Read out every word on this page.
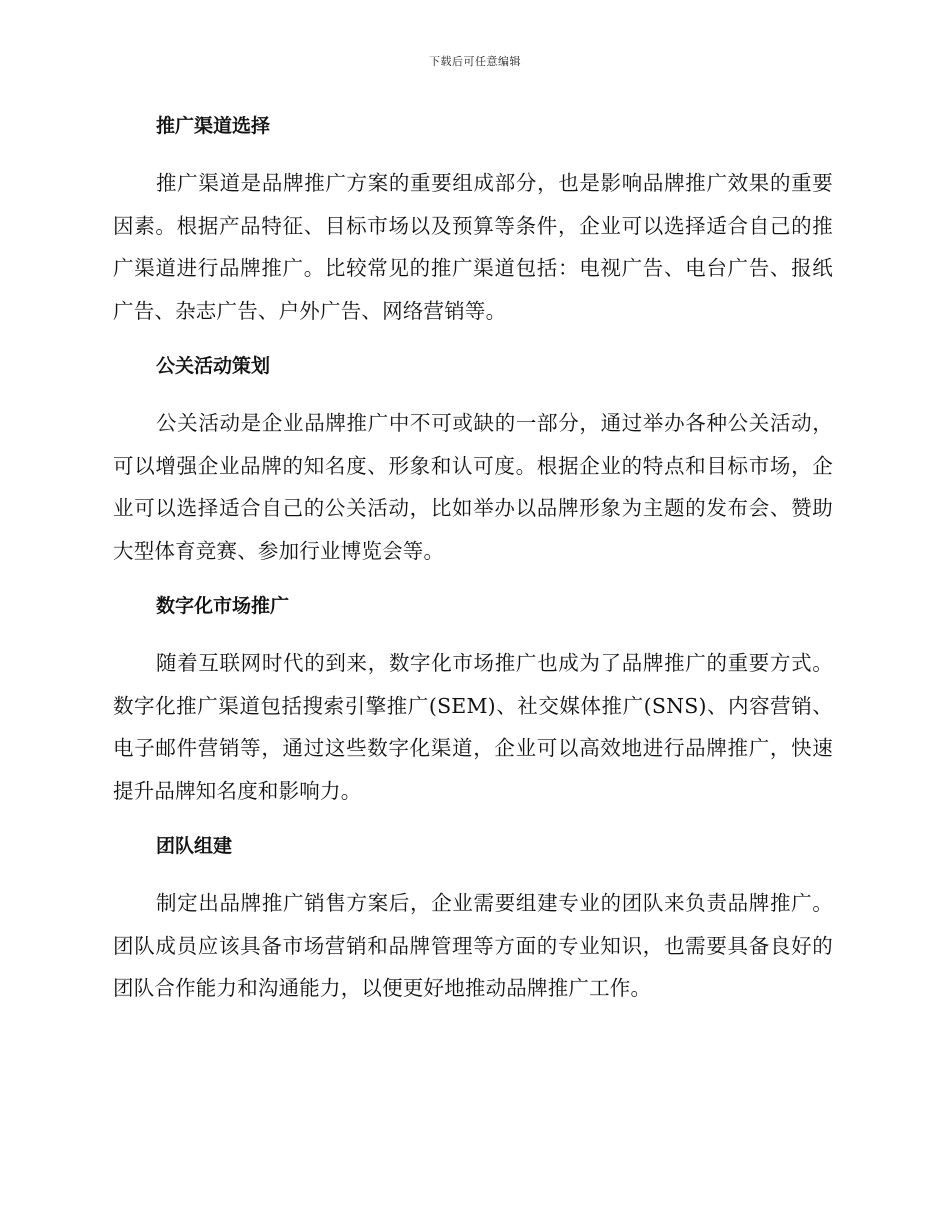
下载后可任意编辑
推广渠道选择

推广渠道是品牌推广方案的重要组成部分，也是影响品牌推广效果的重要因素。根据产品特征、目标市场以及预算等条件，企业可以选择适合自己的推广渠道进行品牌推广。比较常见的推广渠道包括：电视广告、电台广告、报纸广告、杂志广告、户外广告、网络营销等。

公关活动策划

公关活动是企业品牌推广中不可或缺的一部分，通过举办各种公关活动，可以增强企业品牌的知名度、形象和认可度。根据企业的特点和目标市场，企业可以选择适合自己的公关活动，比如举办以品牌形象为主题的发布会、赞助大型体育竞赛、参加行业博览会等。

数字化市场推广

随着互联网时代的到来，数字化市场推广也成为了品牌推广的重要方式。数字化推广渠道包括搜索引擎推广(SEM)、社交媒体推广(SNS)、内容营销、电子邮件营销等，通过这些数字化渠道，企业可以高效地进行品牌推广，快速提升品牌知名度和影响力。

团队组建

制定出品牌推广销售方案后，企业需要组建专业的团队来负责品牌推广。团队成员应该具备市场营销和品牌管理等方面的专业知识，也需要具备良好的团队合作能力和沟通能力，以便更好地推动品牌推广工作。
